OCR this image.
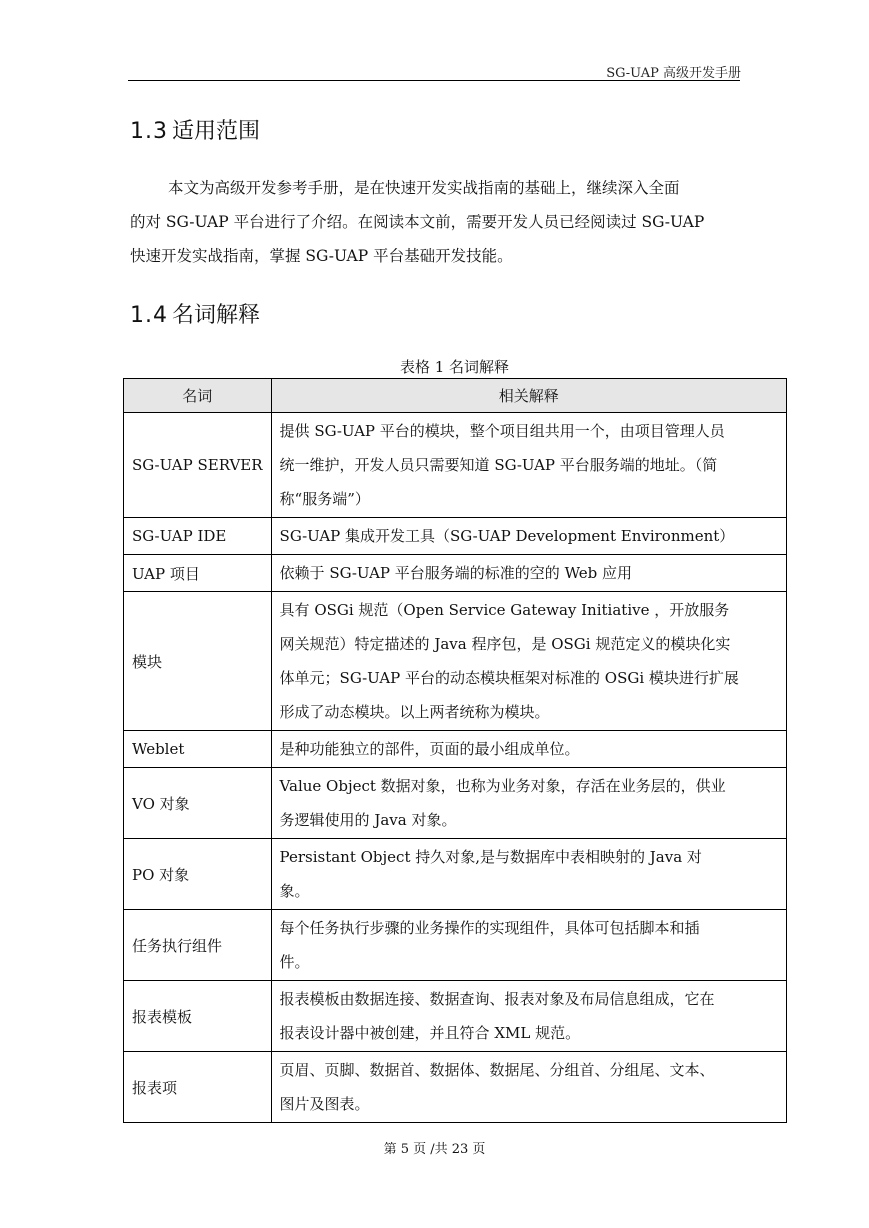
SG-UAP 高级开发手册
1.3 适用范围
本文为高级开发参考手册，是在快速开发实战指南的基础上，继续深入全面
的对 SG-UAP 平台进行了介绍。在阅读本文前，需要开发人员已经阅读过 SG-UAP
快速开发实战指南，掌握 SG-UAP 平台基础开发技能。
1.4 名词解释
表格 1 名词解释
名词	相关解释
SG-UAP SERVER	提供 SG-UAP 平台的模块，整个项目组共用一个，由项目管理人员
统一维护，开发人员只需要知道 SG-UAP 平台服务端的地址。（简
称“服务端”）

SG-UAP IDE	SG-UAP 集成开发工具（SG-UAP Development Environment）

UAP 项目	依赖于 SG-UAP 平台服务端的标准的空的 Web 应用

模块	具有 OSGi 规范（Open Service Gateway Initiative ，开放服务
网关规范）特定描述的 Java 程序包，是 OSGi 规范定义的模块化实
体单元；SG-UAP 平台的动态模块框架对标准的 OSGi 模块进行扩展
形成了动态模块。以上两者统称为模块。

Weblet	是种功能独立的部件，页面的最小组成单位。

VO 对象	Value Object 数据对象，也称为业务对象，存活在业务层的，供业
务逻辑使用的 Java 对象。

PO 对象	Persistant Object 持久对象,是与数据库中表相映射的 Java 对
象。

任务执行组件	每个任务执行步骤的业务操作的实现组件，具体可包括脚本和插
件。

报表模板	报表模板由数据连接、数据查询、报表对象及布局信息组成，它在
报表设计器中被创建，并且符合 XML 规范。

报表项	页眉、页脚、数据首、数据体、数据尾、分组首、分组尾、文本、
图片及图表。
第 5 页 /共 23 页
